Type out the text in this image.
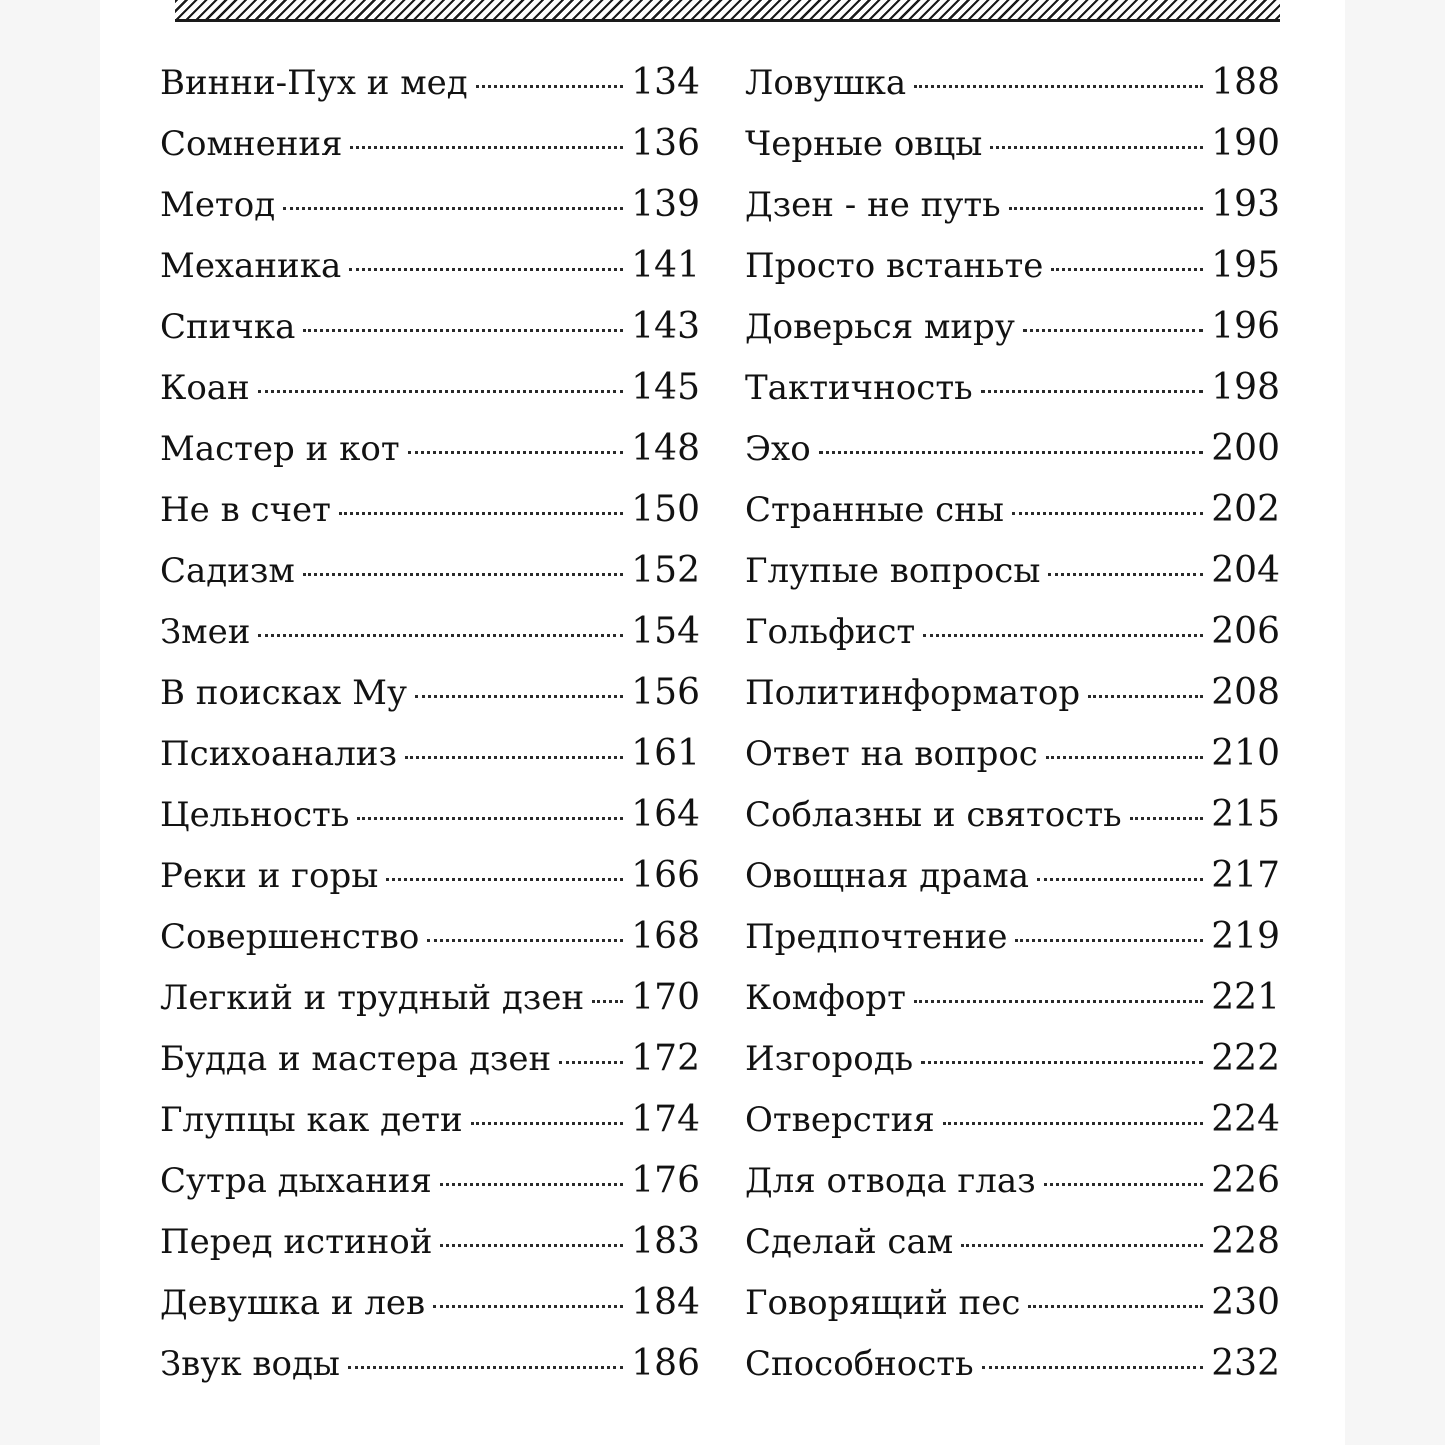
Винни-Пух и мед	134
Сомнения	136
Метод	139
Механика	141
Спичка	143
Коан	145
Мастер и кот	148
Не в счет	150
Садизм	152
Змеи	154
В поисках Му	156
Психоанализ	161
Цельность	164
Реки и горы	166
Совершенство	168
Легкий и трудный дзен 170
Будда и мастера дзен 172
Глупцы как дети	174
Сутра дыхания	176
Перед истиной	183
Девушка и лев	184
Звук воды	186
Ловушка	188
Черные овцы	190
Дзен - не путь	193
Просто встаньте	195
Доверься миру	196
Тактичность	198
Эхо	200
Странные сны	202
Глупые вопросы	204
Гольфист	206
Политинформатор	208
Ответ на вопрос	210
Соблазны и святость 215
Овощная драма	217
Предпочтение	219
Комфорт	221
Изгородь	222
Отверстия	224
Для отвода глаз	226
Сделай сам	228
Говорящий пес	230
Способность	232
